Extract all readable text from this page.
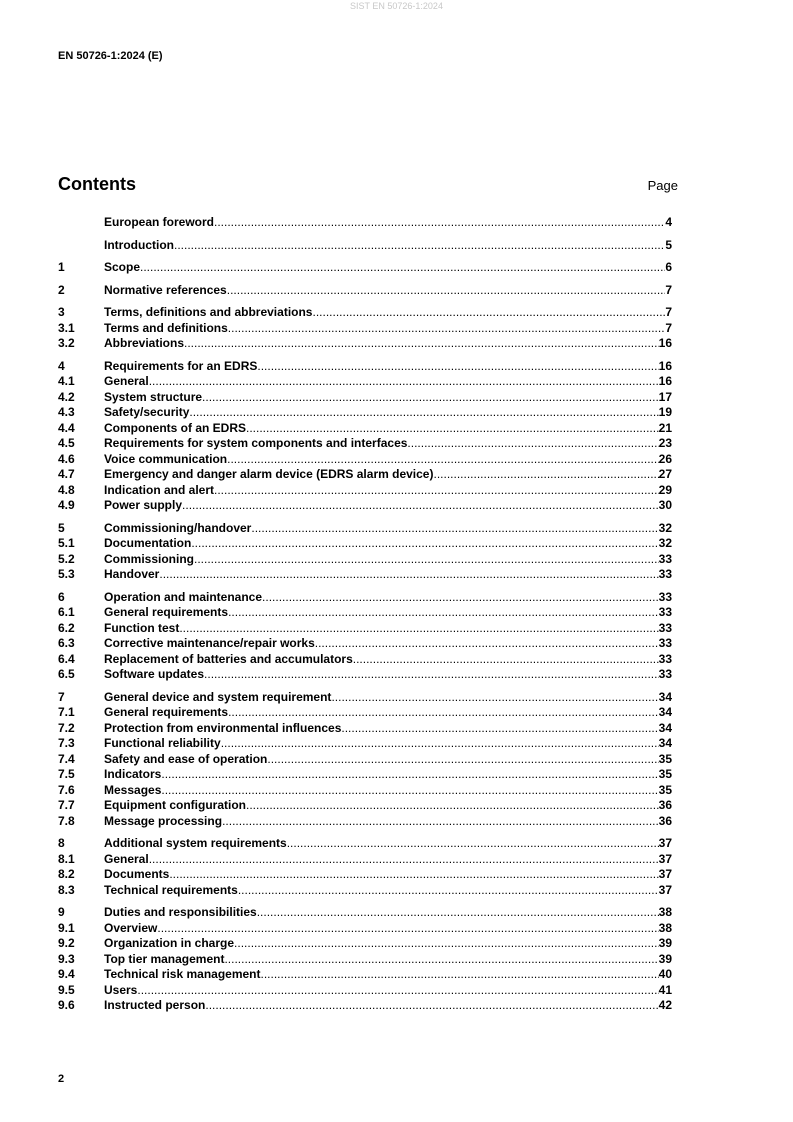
SIST EN 50726-1:2024
EN 50726-1:2024 (E)
Contents	Page
European foreword .....	4
Introduction .....	5
1	Scope .....	6
2	Normative references .....	7
3	Terms, definitions and abbreviations .....	7
3.1	Terms and definitions .....	7
3.2	Abbreviations .....	16
4	Requirements for an EDRS .....	16
4.1	General .....	16
4.2	System structure .....	17
4.3	Safety/security .....	19
4.4	Components of an EDRS .....	21
4.5	Requirements for system components and interfaces .....	23
4.6	Voice communication .....	26
4.7	Emergency and danger alarm device (EDRS alarm device) .....	27
4.8	Indication and alert .....	29
4.9	Power supply .....	30
5	Commissioning/handover .....	32
5.1	Documentation .....	32
5.2	Commissioning .....	33
5.3	Handover .....	33
6	Operation and maintenance .....	33
6.1	General requirements .....	33
6.2	Function test .....	33
6.3	Corrective maintenance/repair works .....	33
6.4	Replacement of batteries and accumulators .....	33
6.5	Software updates .....	33
7	General device and system requirement .....	34
7.1	General requirements .....	34
7.2	Protection from environmental influences .....	34
7.3	Functional reliability .....	34
7.4	Safety and ease of operation .....	35
7.5	Indicators .....	35
7.6	Messages .....	35
7.7	Equipment configuration .....	36
7.8	Message processing .....	36
8	Additional system requirements .....	37
8.1	General .....	37
8.2	Documents .....	37
8.3	Technical requirements .....	37
9	Duties and responsibilities .....	38
9.1	Overview .....	38
9.2	Organization in charge .....	39
9.3	Top tier management .....	39
9.4	Technical risk management .....	40
9.5	Users .....	41
9.6	Instructed person .....	42
2
